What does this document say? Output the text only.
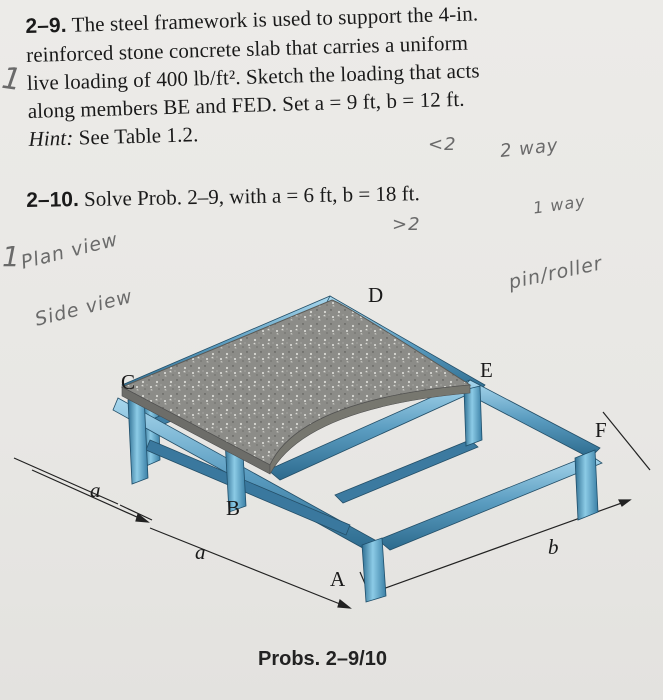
2–9. The steel framework is used to support the 4-in.
reinforced stone concrete slab that carries a uniform
live loading of 400 lb/ft². Sketch the loading that acts
along members BE and FED. Set a = 9 ft, b = 12 ft.
Hint: See Table 1.2.
2–10. Solve Prob. 2–9, with a = 6 ft, b = 18 ft.
1
<2 2 way
>2
1 way
1
Plan view
Side view
pin/roller
D
C	E
F
a
B
a	b
A
Probs. 2–9/10
